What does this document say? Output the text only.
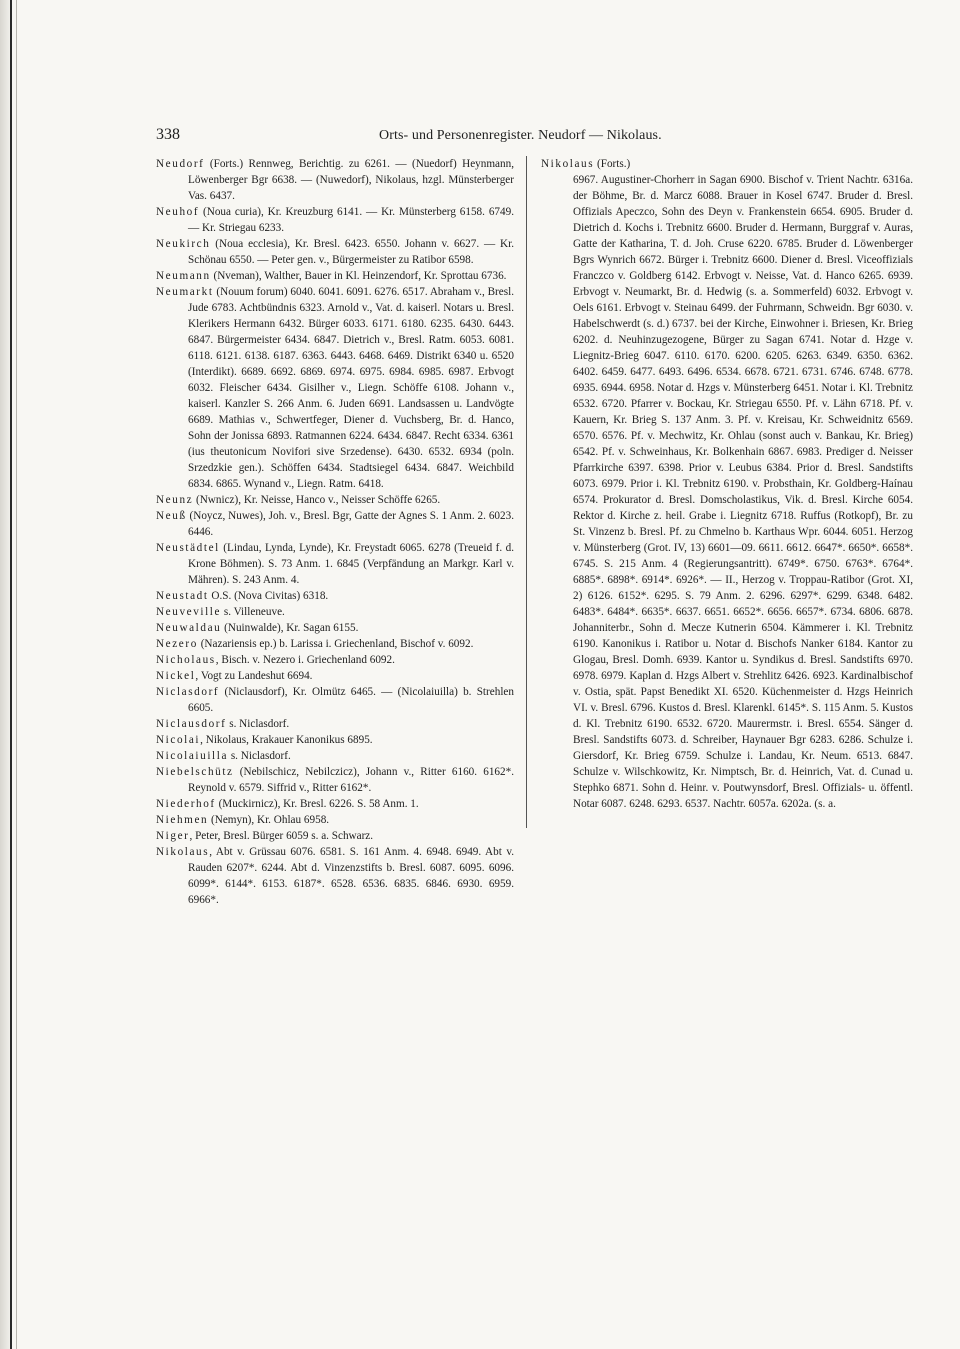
338	Orts- und Personenregister. Neudorf — Nikolaus.

Neudorf (Forts.) Rennweg, Berichtig. zu 6261. — (Nuedorf) Heynmann, Löwenberger Bgr 6638. — (Nuwedorf), Nikolaus, hzgl. Münsterberger Vas. 6437.

Neuhof (Noua curia), Kr. Kreuzburg 6141. — Kr. Münsterberg 6158. 6749. — Kr. Striegau 6233.

Neukirch (Noua ecclesia), Kr. Bresl. 6423. 6550. Johann v. 6627. — Kr. Schönau 6550. — Peter gen. v., Bürgermeister zu Ratibor 6598.

Neumann (Nveman), Walther, Bauer in Kl. Heinzendorf, Kr. Sprottau 6736.

Neumarkt (Nouum forum) 6040. 6041. 6091. 6276. 6517. Abraham v., Bresl. Jude 6783. Achtbündnis 6323. Arnold v., Vat. d. kaiserl. Notars u. Bresl. Klerikers Hermann 6432. Bürger 6033. 6171. 6180. 6235. 6430. 6443. 6847. Bürgermeister 6434. 6847. Dietrich v., Bresl. Ratm. 6053. 6081. 6118. 6121. 6138. 6187. 6363. 6443. 6468. 6469. Distrikt 6340 u. 6520 (Interdikt). 6689. 6692. 6869. 6974. 6975. 6984. 6985. 6987. Erbvogt 6032. Fleischer 6434. Gisilher v., Liegn. Schöffe 6108. Johann v., kaiserl. Kanzler S. 266 Anm. 6. Juden 6691. Landsassen u. Landvögte 6689. Mathias v., Schwertfeger, Diener d. Vuchsberg, Br. d. Hanco, Sohn der Jonissa 6893. Ratmannen 6224. 6434. 6847. Recht 6334. 6361 (ius theutonicum Novifori sive Srzedense). 6430. 6532. 6934 (poln. Srzedzkie gen.). Schöffen 6434. Stadtsiegel 6434. 6847. Weichbild 6834. 6865. Wynand v., Liegn. Ratm. 6418.

Neunz (Nwnicz), Kr. Neisse, Hanco v., Neisser Schöffe 6265.

Neuß (Noycz, Nuwes), Joh. v., Bresl. Bgr, Gatte der Agnes S. 1 Anm. 2. 6023. 6446.

Neustädtel (Lindau, Lynda, Lynde), Kr. Freystadt 6065. 6278 (Treueid f. d. Krone Böhmen). S. 73 Anm. 1. 6845 (Verpfändung an Markgr. Karl v. Mähren). S. 243 Anm. 4.

Neustadt O.S. (Nova Civitas) 6318.

Neuveville s. Villeneuve.

Neuwaldau (Nuinwalde), Kr. Sagan 6155.

Nezero (Nazariensis ep.) b. Larissa i. Griechenland, Bischof v. 6092.

Nicholaus, Bisch. v. Nezero i. Griechenland 6092.

Nickel, Vogt zu Landeshut 6694.

Niclasdorf (Niclausdorf), Kr. Olmütz 6465. — (Nicolaiuilla) b. Strehlen 6605.

Niclausdorf s. Niclasdorf.

Nicolai, Nikolaus, Krakauer Kanonikus 6895.

Nicolaiuilla s. Niclasdorf.

Niebelschütz (Nebilschicz, Nebilczicz), Johann v., Ritter 6160. 6162*. Reynold v. 6579. Siffrid v., Ritter 6162*.

Niederhof (Muckirnicz), Kr. Bresl. 6226. S. 58 Anm. 1.

Niehmen (Nemyn), Kr. Ohlau 6958.

Niger, Peter, Bresl. Bürger 6059 s. a. Schwarz.

Nikolaus, Abt v. Grüssau 6076. 6581. S. 161 Anm. 4. 6948. 6949. Abt v. Rauden 6207*. 6244. Abt d. Vinzenzstifts b. Bresl. 6087. 6095. 6096. 6099*. 6144*. 6153. 6187*. 6528. 6536. 6835. 6846. 6930. 6959. 6966*.

Nikolaus (Forts.)
6967. Augustiner-Chorherr in Sagan 6900. Bischof v. Trient Nachtr. 6316a. der Böhme, Br. d. Marcz 6088. Brauer in Kosel 6747. Bruder d. Bresl. Offizials Apeczco, Sohn des Deyn v. Frankenstein 6654. 6905. Bruder d. Dietrich d. Kochs i. Trebnitz 6600. Bruder d. Hermann, Burggraf v. Auras, Gatte der Katharina, T. d. Joh. Cruse 6220. 6785. Bruder d. Löwenberger Bgrs Wynrich 6672. Bürger i. Trebnitz 6600. Diener d. Bresl. Viceoffizials Franczco v. Goldberg 6142. Erbvogt v. Neisse, Vat. d. Hanco 6265. 6939. Erbvogt v. Neumarkt, Br. d. Hedwig (s. a. Sommerfeld) 6032. Erbvogt v. Oels 6161. Erbvogt v. Steinau 6499. der Fuhrmann, Schweidn. Bgr 6030. v. Habelschwerdt (s. d.) 6737. bei der Kirche, Einwohner i. Briesen, Kr. Brieg 6202. d. Neuhinzugezogene, Bürger zu Sagan 6741. Notar d. Hzge v. Liegnitz-Brieg 6047. 6110. 6170. 6200. 6205. 6263. 6349. 6350. 6362. 6402. 6459. 6477. 6493. 6496. 6534. 6678. 6721. 6731. 6746. 6748. 6778. 6935. 6944. 6958. Notar d. Hzgs v. Münsterberg 6451. Notar i. Kl. Trebnitz 6532. 6720. Pfarrer v. Bockau, Kr. Striegau 6550. Pf. v. Lähn 6718. Pf. v. Kauern, Kr. Brieg S. 137 Anm. 3. Pf. v. Kreisau, Kr. Schweidnitz 6569. 6570. 6576. Pf. v. Mechwitz, Kr. Ohlau (sonst auch v. Bankau, Kr. Brieg) 6542. Pf. v. Schweinhaus, Kr. Bolkenhain 6867. 6983. Prediger d. Neisser Pfarrkirche 6397. 6398. Prior v. Leubus 6384. Prior d. Bresl. Sandstifts 6073. 6979. Prior i. Kl. Trebnitz 6190. v. Probsthain, Kr. Goldberg-Haínau 6574. Prokurator d. Bresl. Domscholastikus, Vik. d. Bresl. Kirche 6054. Rektor d. Kirche z. heil. Grabe i. Liegnitz 6718. Ruffus (Rotkopf), Br. zu St. Vinzenz b. Bresl. Pf. zu Chmelno b. Karthaus Wpr. 6044. 6051. Herzog v. Münsterberg (Grot. IV, 13) 6601—09. 6611. 6612. 6647*. 6650*. 6658*. 6745. S. 215 Anm. 4 (Regierungsantritt). 6749*. 6750. 6763*. 6764*. 6885*. 6898*. 6914*. 6926*. — II., Herzog v. Troppau-Ratibor (Grot. XI, 2) 6126. 6152*. 6295. S. 79 Anm. 2. 6296. 6297*. 6299. 6348. 6482. 6483*. 6484*. 6635*. 6637. 6651. 6652*. 6656. 6657*. 6734. 6806. 6878. Johanniterbr., Sohn d. Mecze Kutnerin 6504. Kämmerer i. Kl. Trebnitz 6190. Kanonikus i. Ratibor u. Notar d. Bischofs Nanker 6184. Kantor zu Glogau, Bresl. Domh. 6939. Kantor u. Syndikus d. Bresl. Sandstifts 6970. 6978. 6979. Kaplan d. Hzgs Albert v. Strehlitz 6426. 6923. Kardinalbischof v. Ostia, spät. Papst Benedikt XI. 6520. Küchenmeister d. Hzgs Heinrich VI. v. Bresl. 6796. Kustos d. Bresl. Klarenkl. 6145*. S. 115 Anm. 5. Kustos d. Kl. Trebnitz 6190. 6532. 6720. Maurermstr. i. Bresl. 6554. Sänger d. Bresl. Sandstifts 6073. d. Schreiber, Haynauer Bgr 6283. 6286. Schulze i. Giersdorf, Kr. Brieg 6759. Schulze i. Landau, Kr. Neum. 6513. 6847. Schulze v. Wilschkowitz, Kr. Nimptsch, Br. d. Heinrich, Vat. d. Cunad u. Stephko 6871. Sohn d. Heinr. v. Poutwynsdorf, Bresl. Offizials- u. öffentl. Notar 6087. 6248. 6293. 6537. Nachtr. 6057a. 6202a. (s. a.
